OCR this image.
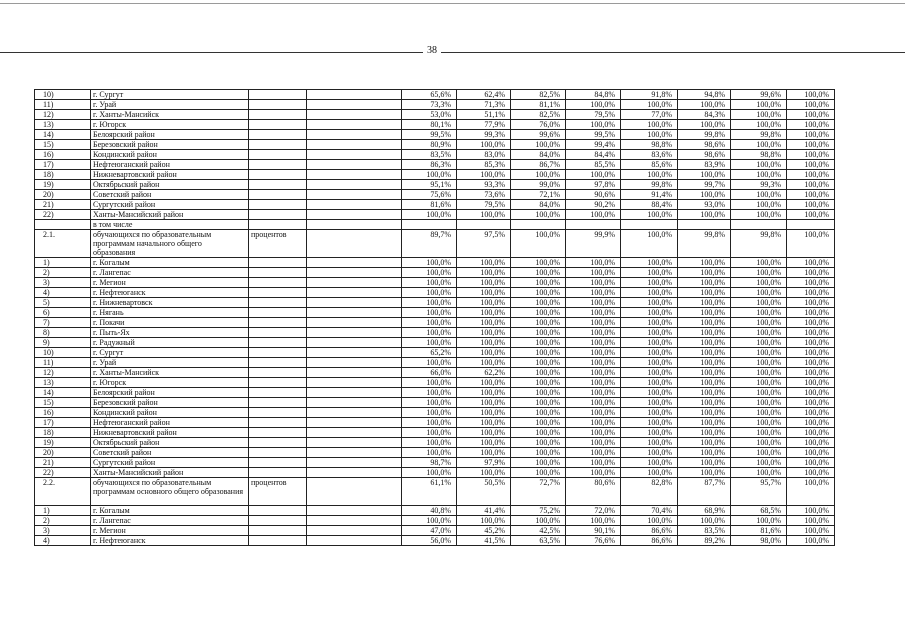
38
10)	г. Сургут			65,6%	62,4%	82,5%	84,8%	91,8%	94,8%	99,6%	100,0%
11)	г. Урай			73,3%	71,3%	81,1%	100,0%	100,0%	100,0%	100,0%	100,0%
12)	г. Ханты-Мансийск			53,0%	51,1%	82,5%	79,5%	77,0%	84,3%	100,0%	100,0%
13)	г. Югорск			80,1%	77,9%	76,0%	100,0%	100,0%	100,0%	100,0%	100,0%
14)	Белоярский район			99,5%	99,3%	99,6%	99,5%	100,0%	99,8%	99,8%	100,0%
15)	Березовский район			80,9%	100,0%	100,0%	99,4%	98,8%	98,6%	100,0%	100,0%
16)	Кондинский район			83,5%	83,0%	84,0%	84,4%	83,6%	98,6%	98,8%	100,0%
17)	Нефтеюганский район			86,3%	85,3%	86,7%	85,5%	85,6%	83,9%	100,0%	100,0%
18)	Нижневартовский район			100,0%	100,0%	100,0%	100,0%	100,0%	100,0%	100,0%	100,0%
19)	Октябрьский район			95,1%	93,3%	99,0%	97,8%	99,8%	99,7%	99,3%	100,0%
20)	Советский район			75,6%	73,6%	72,1%	90,6%	91,4%	100,0%	100,0%	100,0%
21)	Сургутский район			81,6%	79,5%	84,0%	90,2%	88,4%	93,0%	100,0%	100,0%
22)	Ханты-Мансийский район			100,0%	100,0%	100,0%	100,0%	100,0%	100,0%	100,0%	100,0%
	в том числе										
2.1.	обучающихся по образовательным программам начального общего образования	процентов		89,7%	97,5%	100,0%	99,9%	100,0%	99,8%	99,8%	100,0%
1)	г. Когалым			100,0%	100,0%	100,0%	100,0%	100,0%	100,0%	100,0%	100,0%
2)	г. Лангепас			100,0%	100,0%	100,0%	100,0%	100,0%	100,0%	100,0%	100,0%
3)	г. Мегион			100,0%	100,0%	100,0%	100,0%	100,0%	100,0%	100,0%	100,0%
4)	г. Нефтеюганск			100,0%	100,0%	100,0%	100,0%	100,0%	100,0%	100,0%	100,0%
5)	г. Нижневартовск			100,0%	100,0%	100,0%	100,0%	100,0%	100,0%	100,0%	100,0%
6)	г. Нягань			100,0%	100,0%	100,0%	100,0%	100,0%	100,0%	100,0%	100,0%
7)	г. Покачи			100,0%	100,0%	100,0%	100,0%	100,0%	100,0%	100,0%	100,0%
8)	г. Пыть-Ях			100,0%	100,0%	100,0%	100,0%	100,0%	100,0%	100,0%	100,0%
9)	г. Радужный			100,0%	100,0%	100,0%	100,0%	100,0%	100,0%	100,0%	100,0%
10)	г. Сургут			65,2%	100,0%	100,0%	100,0%	100,0%	100,0%	100,0%	100,0%
11)	г. Урай			100,0%	100,0%	100,0%	100,0%	100,0%	100,0%	100,0%	100,0%
12)	г. Ханты-Мансийск			66,0%	62,2%	100,0%	100,0%	100,0%	100,0%	100,0%	100,0%
13)	г. Югорск			100,0%	100,0%	100,0%	100,0%	100,0%	100,0%	100,0%	100,0%
14)	Белоярский район			100,0%	100,0%	100,0%	100,0%	100,0%	100,0%	100,0%	100,0%
15)	Березовский район			100,0%	100,0%	100,0%	100,0%	100,0%	100,0%	100,0%	100,0%
16)	Кондинский район			100,0%	100,0%	100,0%	100,0%	100,0%	100,0%	100,0%	100,0%
17)	Нефтеюганский район			100,0%	100,0%	100,0%	100,0%	100,0%	100,0%	100,0%	100,0%
18)	Нижневартовский район			100,0%	100,0%	100,0%	100,0%	100,0%	100,0%	100,0%	100,0%
19)	Октябрьский район			100,0%	100,0%	100,0%	100,0%	100,0%	100,0%	100,0%	100,0%
20)	Советский район			100,0%	100,0%	100,0%	100,0%	100,0%	100,0%	100,0%	100,0%
21)	Сургутский район			98,7%	97,9%	100,0%	100,0%	100,0%	100,0%	100,0%	100,0%
22)	Ханты-Мансийский район			100,0%	100,0%	100,0%	100,0%	100,0%	100,0%	100,0%	100,0%
2.2.	обучающихся по образовательным программам основного общего образования	процентов		61,1%	50,5%	72,7%	80,6%	82,8%	87,7%	95,7%	100,0%
1)	г. Когалым			40,8%	41,4%	75,2%	72,0%	70,4%	68,9%	68,5%	100,0%
2)	г. Лангепас			100,0%	100,0%	100,0%	100,0%	100,0%	100,0%	100,0%	100,0%
3)	г. Мегион			47,0%	45,2%	42,5%	90,1%	86,6%	83,5%	81,6%	100,0%
4)	г. Нефтеюганск			56,0%	41,5%	63,5%	76,6%	86,6%	89,2%	98,0%	100,0%
